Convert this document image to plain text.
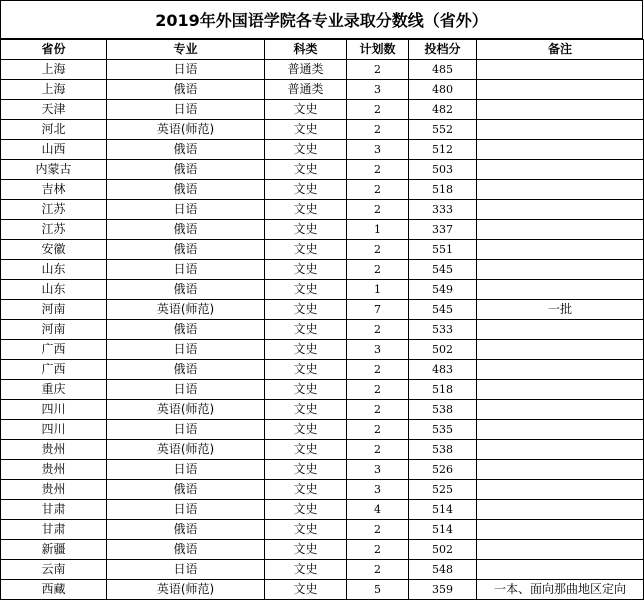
2019年外国语学院各专业录取分数线（省外）
省份	专业	科类	计划数	投档分	备注
上海	日语	普通类	2	485	
上海	俄语	普通类	3	480	
天津	日语	文史	2	482	
河北	英语(师范)	文史	2	552	
山西	俄语	文史	3	512	
内蒙古	俄语	文史	2	503	
吉林	俄语	文史	2	518	
江苏	日语	文史	2	333	
江苏	俄语	文史	1	337	
安徽	俄语	文史	2	551	
山东	日语	文史	2	545	
山东	俄语	文史	1	549	
河南	英语(师范)	文史	7	545	一批
河南	俄语	文史	2	533	
广西	日语	文史	3	502	
广西	俄语	文史	2	483	
重庆	日语	文史	2	518	
四川	英语(师范)	文史	2	538	
四川	日语	文史	2	535	
贵州	英语(师范)	文史	2	538	
贵州	日语	文史	3	526	
贵州	俄语	文史	3	525	
甘肃	日语	文史	4	514	
甘肃	俄语	文史	2	514	
新疆	俄语	文史	2	502	
云南	日语	文史	2	548	
西藏	英语(师范)	文史	5	359	一本、面向那曲地区定向
